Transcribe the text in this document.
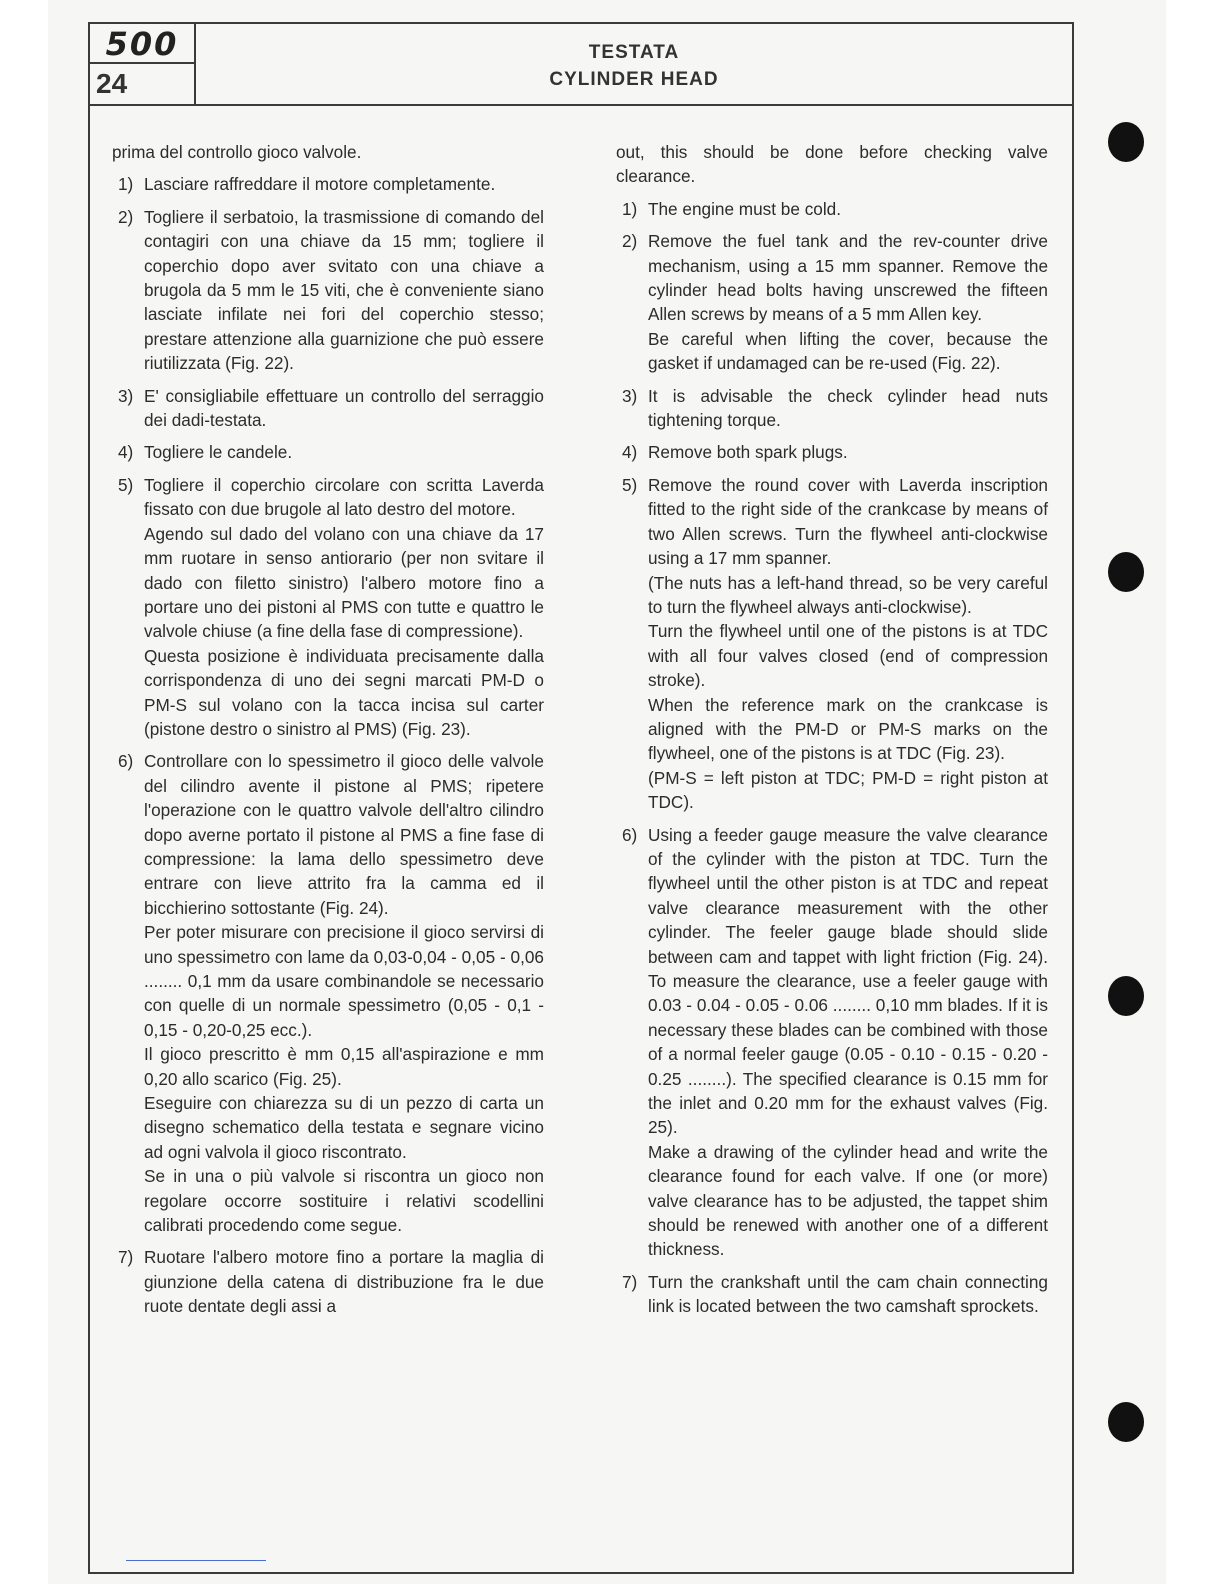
500
24
TESTATA
CYLINDER HEAD

prima del controllo gioco valvole.

1) Lasciare raffreddare il motore completamente.

2) Togliere il serbatoio, la trasmissione di comando del contagiri con una chiave da 15 mm; togliere il coperchio dopo aver svitato con una chiave a brugola da 5 mm le 15 viti, che è conveniente siano lasciate infilate nei fori del coperchio stesso; prestare attenzione alla guarnizione che può essere riutilizzata (Fig. 22).

3) E' consigliabile effettuare un controllo del serraggio dei dadi-testata.

4) Togliere le candele.

5) Togliere il coperchio circolare con scritta Laverda fissato con due brugole al lato destro del motore.

Agendo sul dado del volano con una chiave da 17 mm ruotare in senso antiorario (per non svitare il dado con filetto sinistro) l'albero motore fino a portare uno dei pistoni al PMS con tutte e quattro le valvole chiuse (a fine della fase di compressione).

Questa posizione è individuata precisamente dalla corrispondenza di uno dei segni marcati PM-D o PM-S sul volano con la tacca incisa sul carter (pistone destro o sinistro al PMS) (Fig. 23).

6) Controllare con lo spessimetro il gioco delle valvole del cilindro avente il pistone al PMS; ripetere l'operazione con le quattro valvole dell'altro cilindro dopo averne portato il pistone al PMS a fine fase di compressione: la lama dello spessimetro deve entrare con lieve attrito fra la camma ed il bicchierino sottostante (Fig. 24).

Per poter misurare con precisione il gioco servirsi di uno spessimetro con lame da 0,03-0,04 - 0,05 - 0,06 ........ 0,1 mm da usare combinandole se necessario con quelle di un normale spessimetro (0,05 - 0,1 - 0,15 - 0,20-0,25 ecc.).

Il gioco prescritto è mm 0,15 all'aspirazione e mm 0,20 allo scarico (Fig. 25).

Eseguire con chiarezza su di un pezzo di carta un disegno schematico della testata e segnare vicino ad ogni valvola il gioco riscontrato.

Se in una o più valvole si riscontra un gioco non regolare occorre sostituire i relativi scodellini calibrati procedendo come segue.

7) Ruotare l'albero motore fino a portare la maglia di giunzione della catena di distribuzione fra le due ruote dentate degli assi a

out, this should be done before checking valve clearance.

1) The engine must be cold.

2) Remove the fuel tank and the rev-counter drive mechanism, using a 15 mm spanner. Remove the cylinder head bolts having unscrewed the fifteen Allen screws by means of a 5 mm Allen key.

Be careful when lifting the cover, because the gasket if undamaged can be re-used (Fig. 22).

3) It is advisable the check cylinder head nuts tightening torque.

4) Remove both spark plugs.

5) Remove the round cover with Laverda inscription fitted to the right side of the crankcase by means of two Allen screws. Turn the flywheel anti-clockwise using a 17 mm spanner.

(The nuts has a left-hand thread, so be very careful to turn the flywheel always anti-clockwise).

Turn the flywheel until one of the pistons is at TDC with all four valves closed (end of compression stroke).

When the reference mark on the crankcase is aligned with the PM-D or PM-S marks on the flywheel, one of the pistons is at TDC (Fig. 23).

(PM-S = left piston at TDC; PM-D = right piston at TDC).

6) Using a feeder gauge measure the valve clearance of the cylinder with the piston at TDC. Turn the flywheel until the other piston is at TDC and repeat valve clearance measurement with the other cylinder. The feeler gauge blade should slide between cam and tappet with light friction (Fig. 24). To measure the clearance, use a feeler gauge with 0.03 - 0.04 - 0.05 - 0.06 ........ 0,10 mm blades. If it is necessary these blades can be combined with those of a normal feeler gauge (0.05 - 0.10 - 0.15 - 0.20 - 0.25 ........). The specified clearance is 0.15 mm for the inlet and 0.20 mm for the exhaust valves (Fig. 25).

Make a drawing of the cylinder head and write the clearance found for each valve. If one (or more) valve clearance has to be adjusted, the tappet shim should be renewed with another one of a different thickness.

7) Turn the crankshaft until the cam chain connecting link is located between the two camshaft sprockets.
